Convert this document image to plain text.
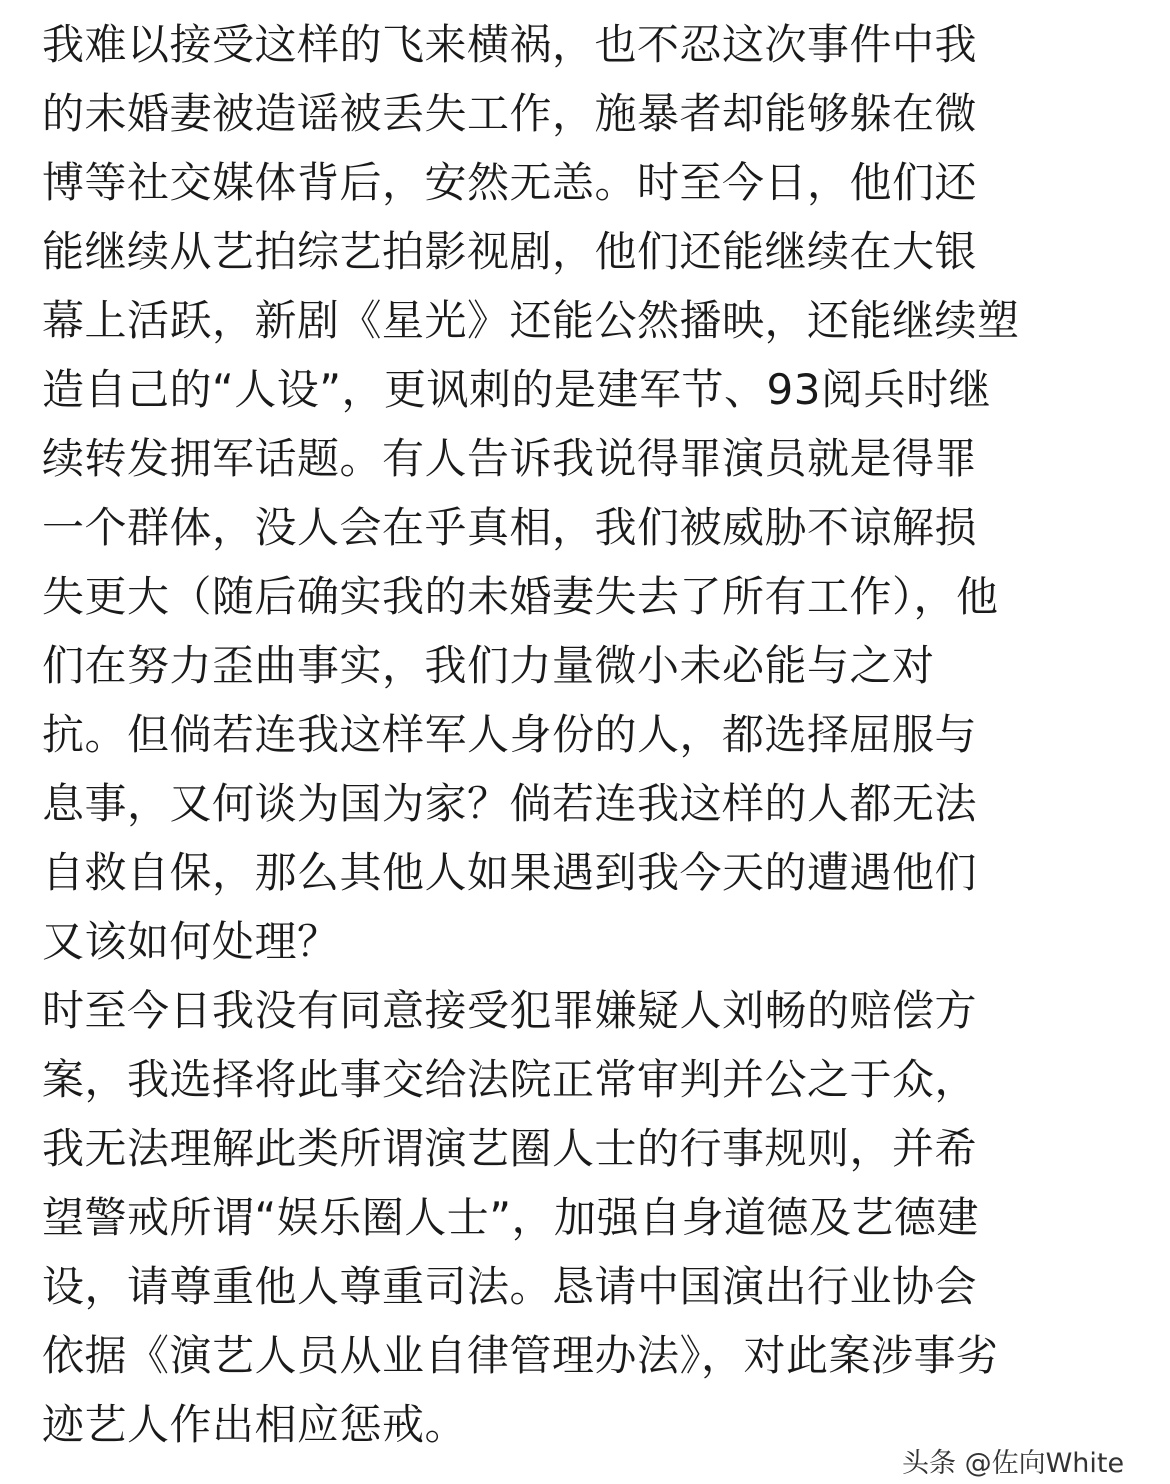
我难以接受这样的飞来横祸，也不忍这次事件中我
的未婚妻被造谣被丢失工作，施暴者却能够躲在微
博等社交媒体背后，安然无恙。时至今日，他们还
能继续从艺拍综艺拍影视剧，他们还能继续在大银
幕上活跃，新剧《星光》还能公然播映，还能继续塑
造自己的“人设”，更讽刺的是建军节、93阅兵时继
续转发拥军话题。有人告诉我说得罪演员就是得罪
一个群体，没人会在乎真相，我们被威胁不谅解损
失更大（随后确实我的未婚妻失去了所有工作），他
们在努力歪曲事实，我们力量微小未必能与之对
抗。但倘若连我这样军人身份的人，都选择屈服与
息事，又何谈为国为家？倘若连我这样的人都无法
自救自保，那么其他人如果遇到我今天的遭遇他们
又该如何处理？
时至今日我没有同意接受犯罪嫌疑人刘畅的赔偿方
案，我选择将此事交给法院正常审判并公之于众，
我无法理解此类所谓演艺圈人士的行事规则，并希
望警戒所谓“娱乐圈人士”，加强自身道德及艺德建
设，请尊重他人尊重司法。恳请中国演出行业协会
依据《演艺人员从业自律管理办法》，对此案涉事劣
迹艺人作出相应惩戒。
头条 @佐向White
